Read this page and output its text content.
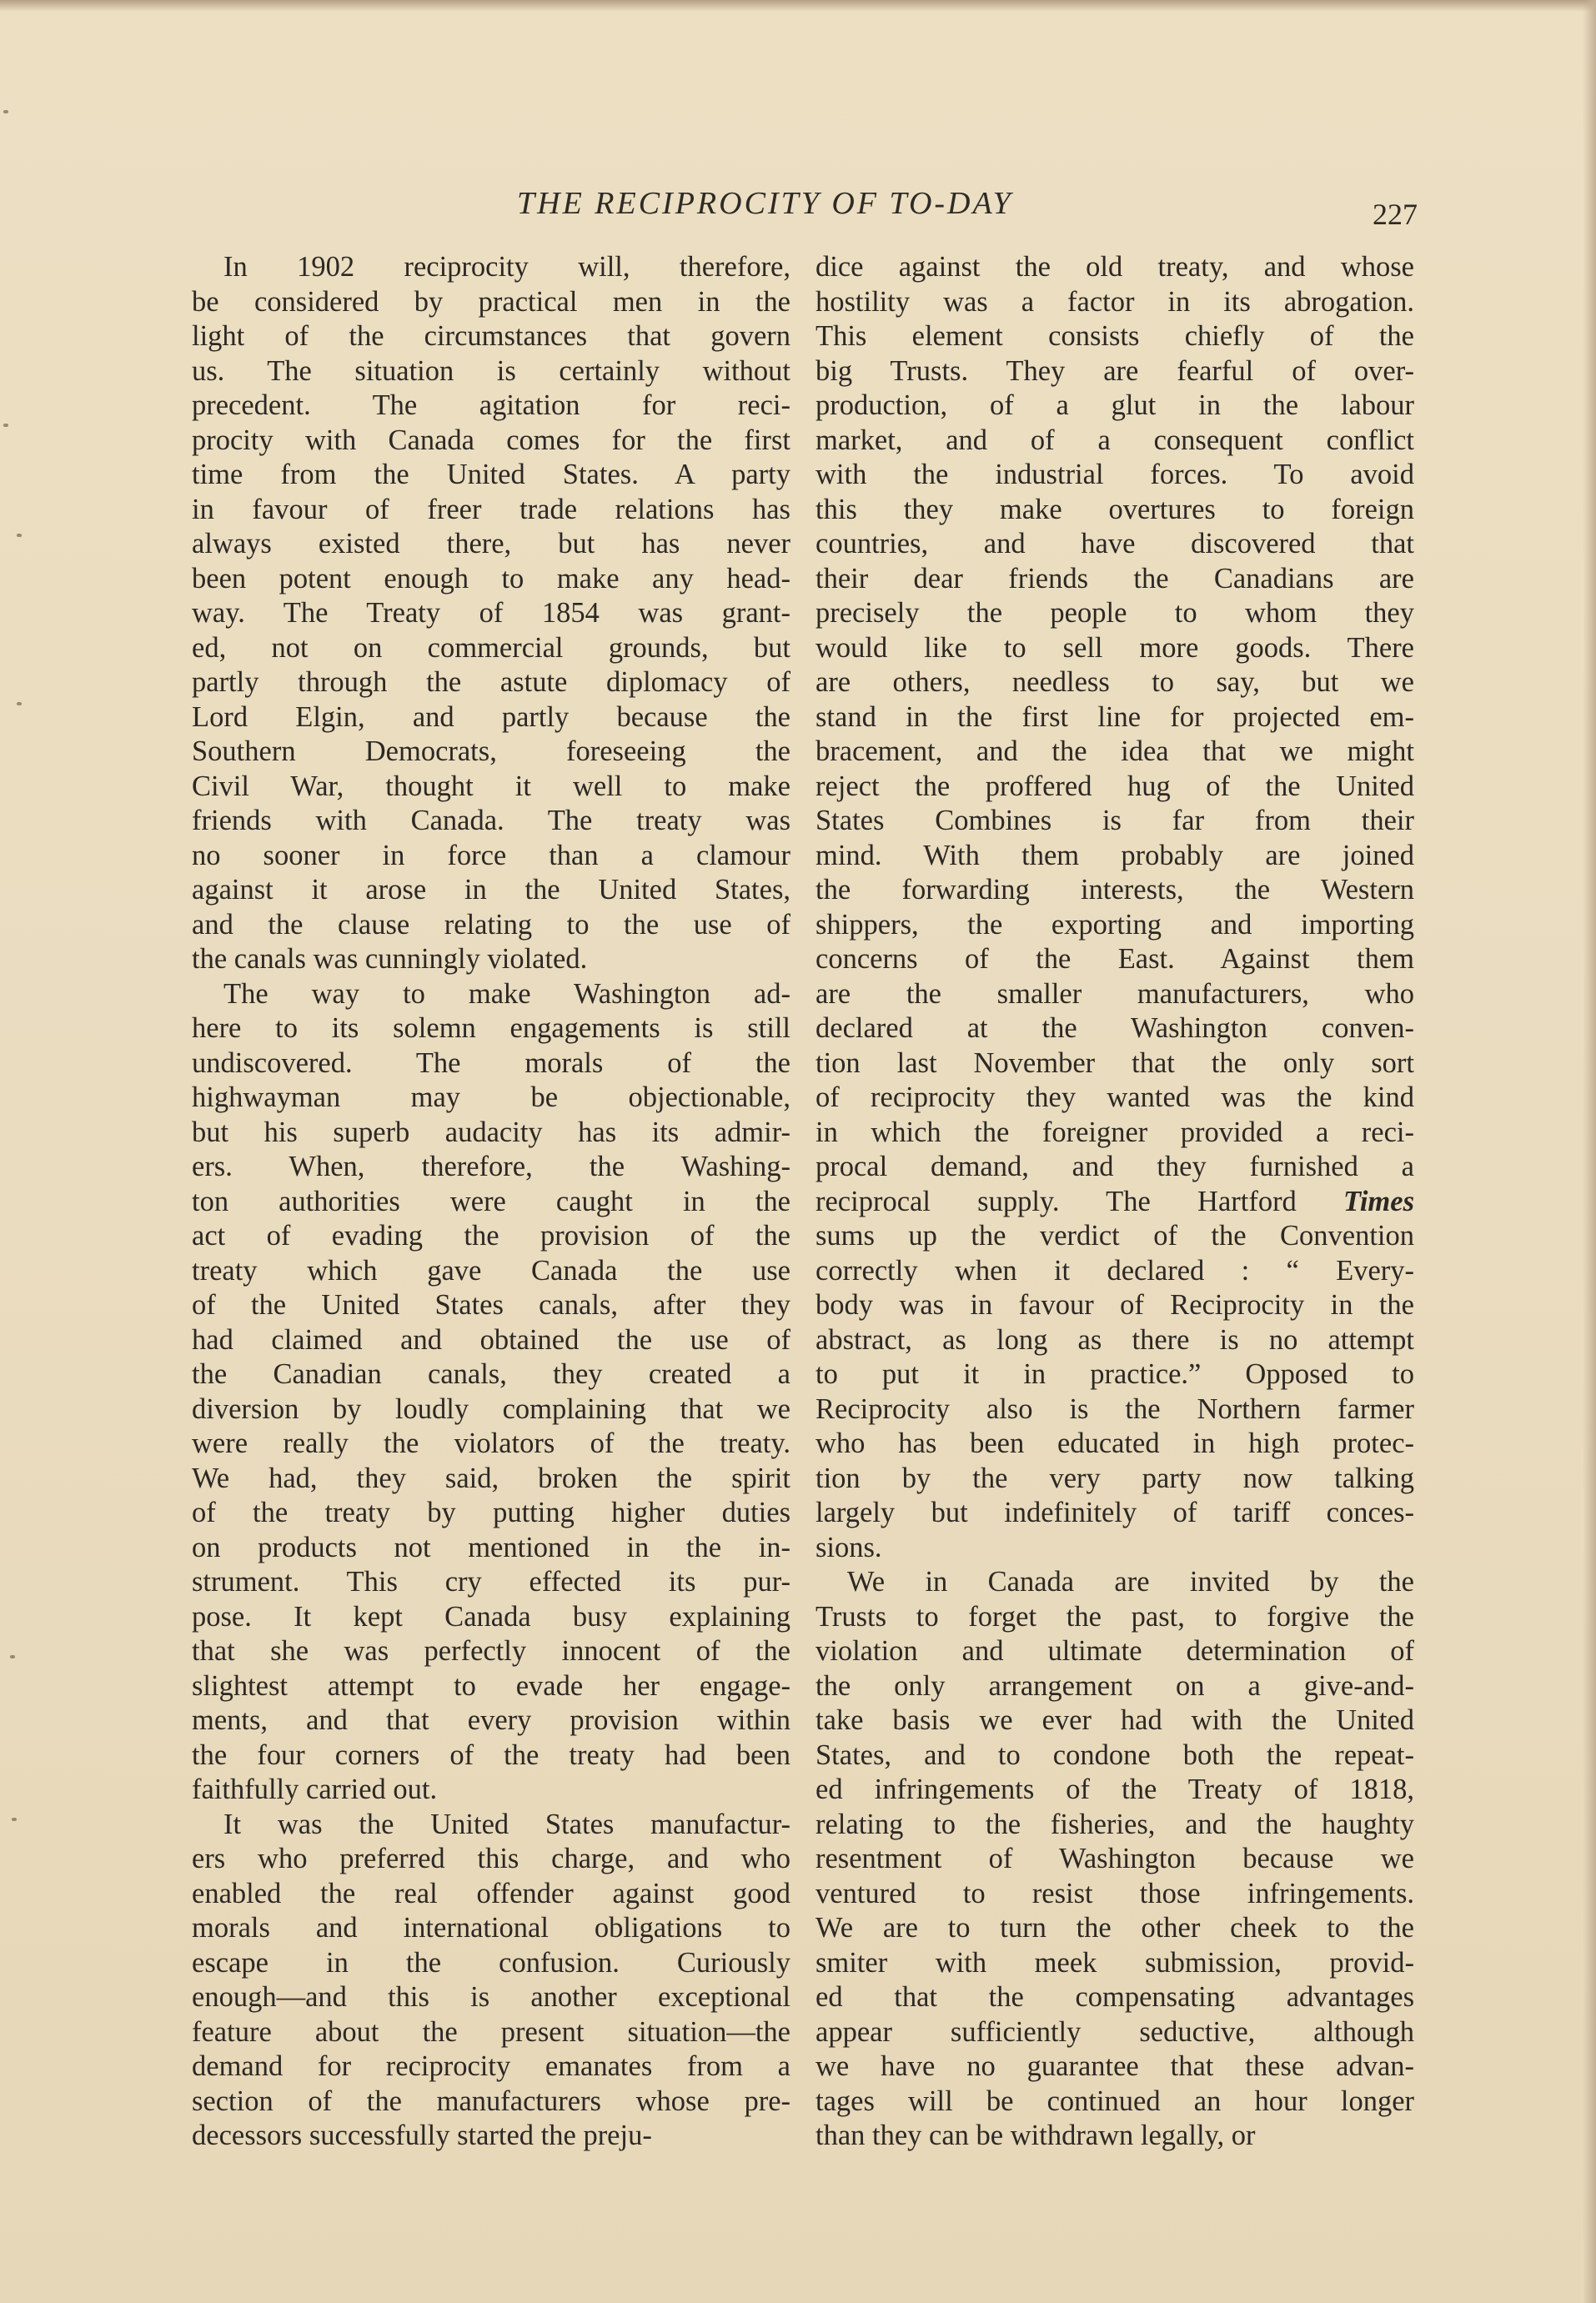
THE RECIPROCITY OF TO-DAY	227
In 1902 reciprocity will, therefore,
be considered by practical men in the
light of the circumstances that govern
us. The situation is certainly without
precedent. The agitation for reci-
procity with Canada comes for the first
time from the United States. A party
in favour of freer trade relations has
always existed there, but has never
been potent enough to make any head-
way. The Treaty of 1854 was grant-
ed, not on commercial grounds, but
partly through the astute diplomacy of
Lord Elgin, and partly because the
Southern Democrats, foreseeing the
Civil War, thought it well to make
friends with Canada. The treaty was
no sooner in force than a clamour
against it arose in the United States,
and the clause relating to the use of
the canals was cunningly violated.
The way to make Washington ad-
here to its solemn engagements is still
undiscovered. The morals of the
highwayman may be objectionable,
but his superb audacity has its admir-
ers. When, therefore, the Washing-
ton authorities were caught in the
act of evading the provision of the
treaty which gave Canada the use
of the United States canals, after they
had claimed and obtained the use of
the Canadian canals, they created a
diversion by loudly complaining that we
were really the violators of the treaty.
We had, they said, broken the spirit
of the treaty by putting higher duties
on products not mentioned in the in-
strument. This cry effected its pur-
pose. It kept Canada busy explaining
that she was perfectly innocent of the
slightest attempt to evade her engage-
ments, and that every provision within
the four corners of the treaty had been
faithfully carried out.
It was the United States manufactur-
ers who preferred this charge, and who
enabled the real offender against good
morals and international obligations to
escape in the confusion. Curiously
enough—and this is another exceptional
feature about the present situation—the
demand for reciprocity emanates from a
section of the manufacturers whose pre-
decessors successfully started the preju-
dice against the old treaty, and whose
hostility was a factor in its abrogation.
This element consists chiefly of the
big Trusts. They are fearful of over-
production, of a glut in the labour
market, and of a consequent conflict
with the industrial forces. To avoid
this they make overtures to foreign
countries, and have discovered that
their dear friends the Canadians are
precisely the people to whom they
would like to sell more goods. There
are others, needless to say, but we
stand in the first line for projected em-
bracement, and the idea that we might
reject the proffered hug of the United
States Combines is far from their
mind. With them probably are joined
the forwarding interests, the Western
shippers, the exporting and importing
concerns of the East. Against them
are the smaller manufacturers, who
declared at the Washington conven-
tion last November that the only sort
of reciprocity they wanted was the kind
in which the foreigner provided a reci-
procal demand, and they furnished a
reciprocal supply. The Hartford Times
sums up the verdict of the Convention
correctly when it declared : “ Every-
body was in favour of Reciprocity in the
abstract, as long as there is no attempt
to put it in practice.” Opposed to
Reciprocity also is the Northern farmer
who has been educated in high protec-
tion by the very party now talking
largely but indefinitely of tariff conces-
sions.
We in Canada are invited by the
Trusts to forget the past, to forgive the
violation and ultimate determination of
the only arrangement on a give-and-
take basis we ever had with the United
States, and to condone both the repeat-
ed infringements of the Treaty of 1818,
relating to the fisheries, and the haughty
resentment of Washington because we
ventured to resist those infringements.
We are to turn the other cheek to the
smiter with meek submission, provid-
ed that the compensating advantages
appear sufficiently seductive, although
we have no guarantee that these advan-
tages will be continued an hour longer
than they can be withdrawn legally, or
